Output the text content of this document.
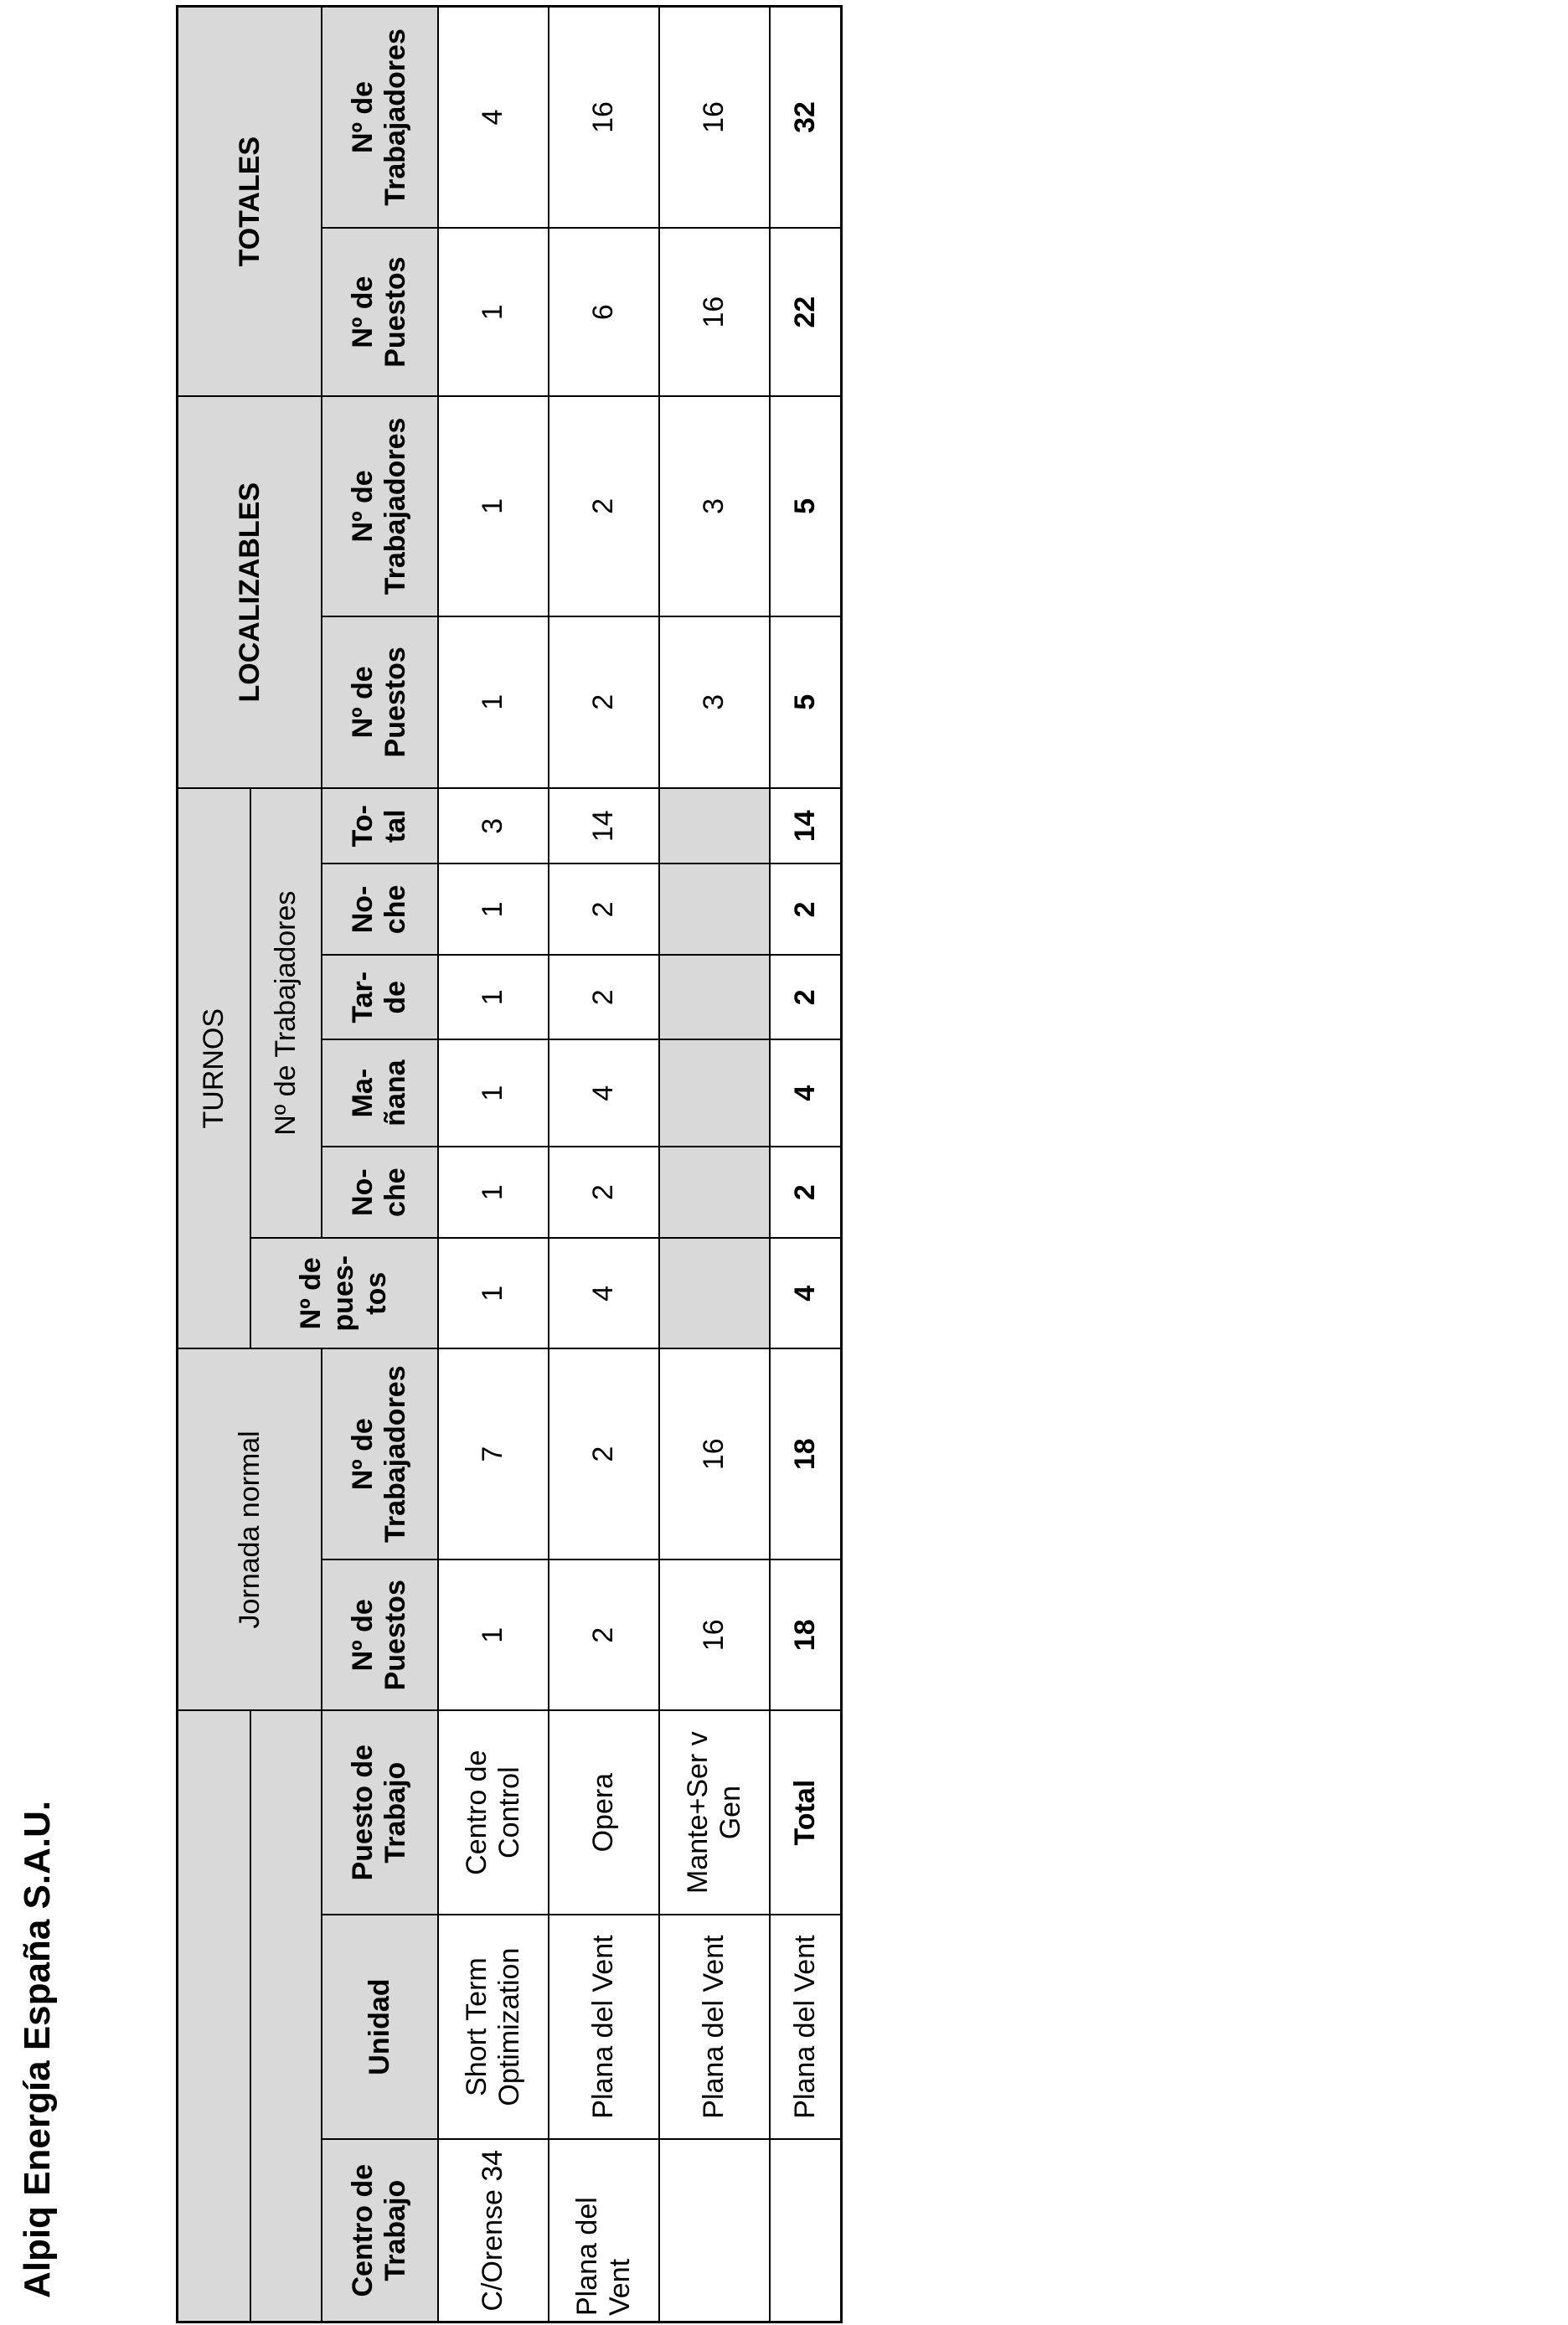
Alpiq Energía España S.A.U.
			Jornada normal		TURNOS						LOCALIZABLES		TOTALES	
					Nº de pues-tos	Nº de Trabajadores								
Centro de Trabajo	Unidad	Puesto de Trabajo	Nº de Puestos	Nº de Trabajadores		No-che	Ma-ñana	Tar-de	No-che	To-tal	Nº de Puestos	Nº de Trabajadores	Nº de Puestos	Nº de Trabajadores
C/Orense 34	Short Term Optimization	Centro de Control	1	7	1	1	1	1	1	3	1	1	1	4
Plana del Vent	Plana del Vent	Opera	2	2	4	2	4	2	2	14	2	2	6	16
	Plana del Vent	Mante+Ser v Gen	16	16							3	3	16	16
	Plana del Vent	Total	18	18	4	2	4	2	2	14	5	5	22	32
